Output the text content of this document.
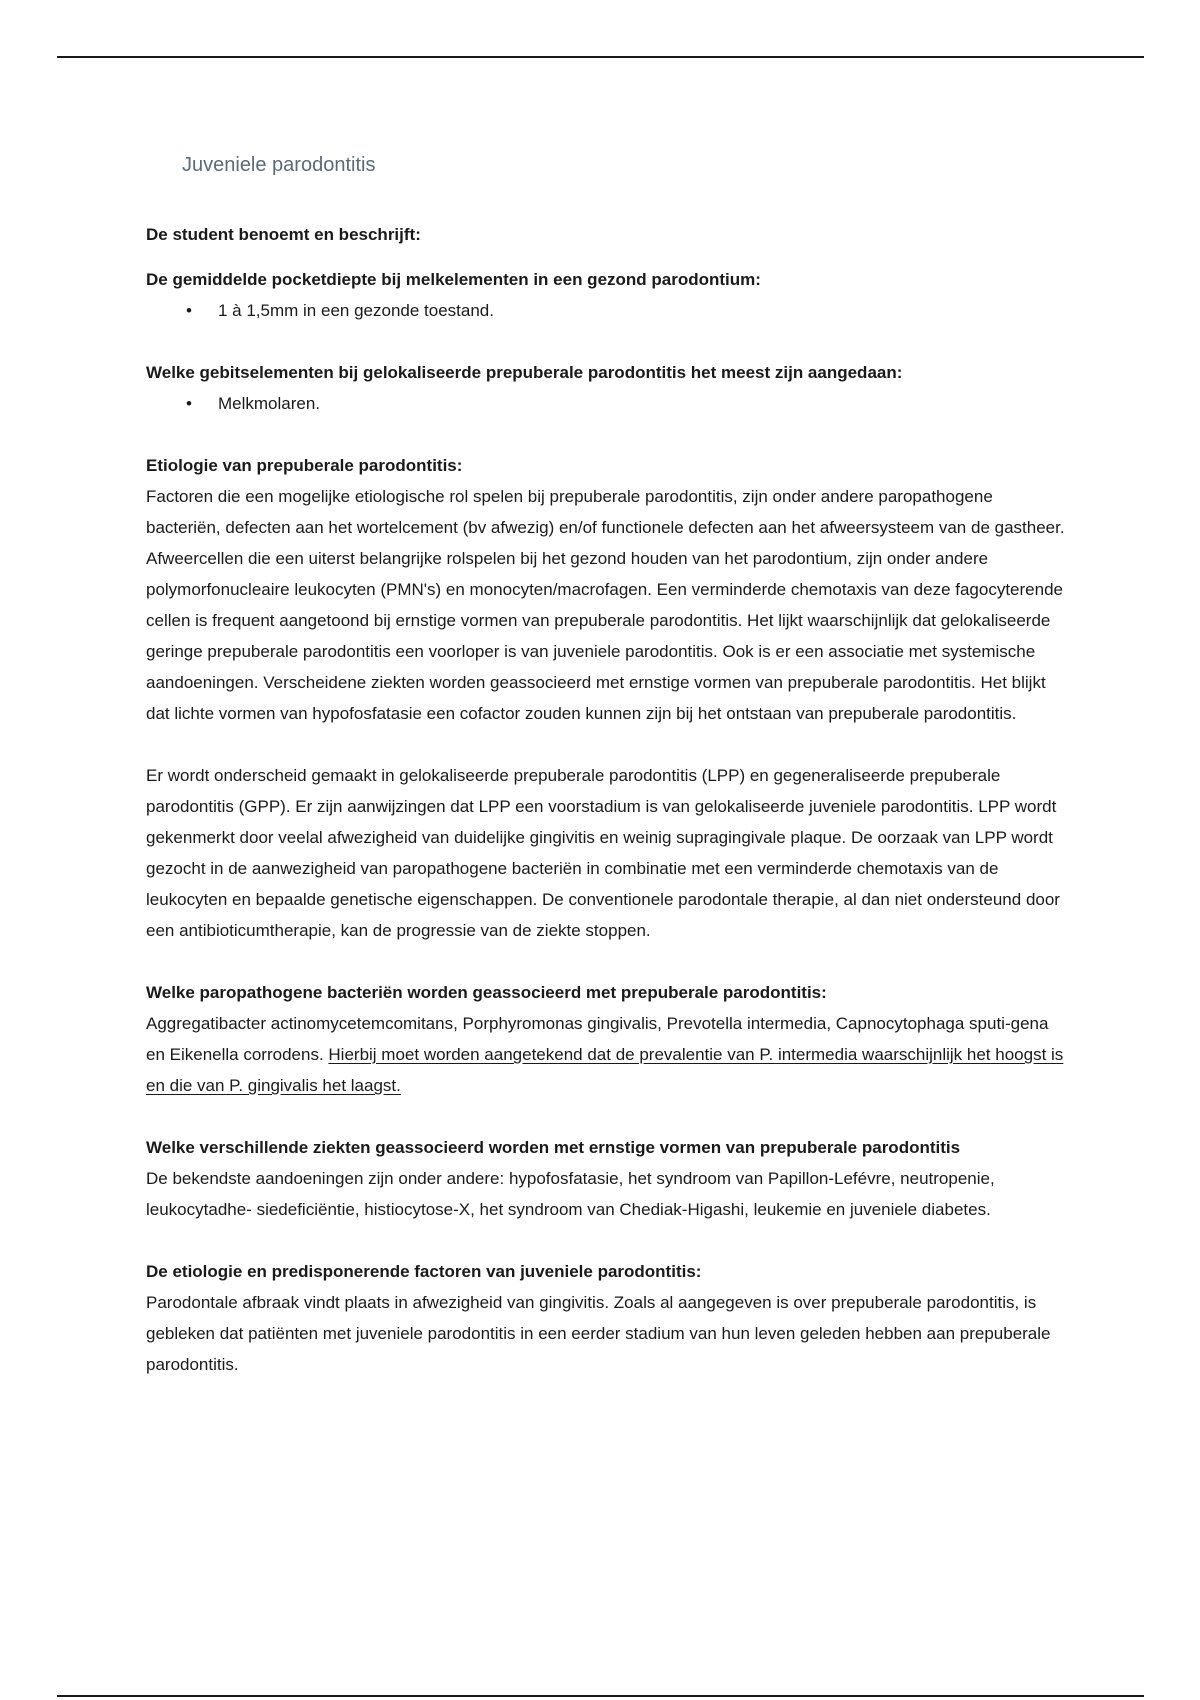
Juveniele parodontitis

De student benoemt en beschrijft:

De gemiddelde pocketdiepte bij melkelementen in een gezond parodontium:

• 1 à 1,5mm in een gezonde toestand.

Welke gebitselementen bij gelokaliseerde prepuberale parodontitis het meest zijn aangedaan:

• Melkmolaren.

Etiologie van prepuberale parodontitis:

Factoren die een mogelijke etiologische rol spelen bij prepuberale parodontitis, zijn onder andere paropathogene bacteriën, defecten aan het wortelcement (bv afwezig) en/of functionele defecten aan het afweersysteem van de gastheer. Afweercellen die een uiterst belangrijke rolspelen bij het gezond houden van het parodontium, zijn onder andere polymorfonucleaire leukocyten (PMN's) en monocyten/macrofagen. Een verminderde chemotaxis van deze fagocyterende cellen is frequent aangetoond bij ernstige vormen van prepuberale parodontitis. Het lijkt waarschijnlijk dat gelokaliseerde geringe prepuberale parodontitis een voorloper is van juveniele parodontitis. Ook is er een associatie met systemische aandoeningen. Verscheidene ziekten worden geassocieerd met ernstige vormen van prepuberale parodontitis. Het blijkt dat lichte vormen van hypofosfatasie een cofactor zouden kunnen zijn bij het ontstaan van prepuberale parodontitis.

Er wordt onderscheid gemaakt in gelokaliseerde prepuberale parodontitis (LPP) en gegeneraliseerde prepuberale parodontitis (GPP). Er zijn aanwijzingen dat LPP een voorstadium is van gelokaliseerde juveniele parodontitis. LPP wordt gekenmerkt door veelal afwezigheid van duidelijke gingivitis en weinig supragingivale plaque. De oorzaak van LPP wordt gezocht in de aanwezigheid van paropathogene bacteriën in combinatie met een verminderde chemotaxis van de leukocyten en bepaalde genetische eigenschappen. De conventionele parodontale therapie, al dan niet ondersteund door een antibioticumtherapie, kan de progressie van de ziekte stoppen.

Welke paropathogene bacteriën worden geassocieerd met prepuberale parodontitis:

Aggregatibacter actinomycetemcomitans, Porphyromonas gingivalis, Prevotella intermedia, Capnocytophaga sputi-gena en Eikenella corrodens. Hierbij moet worden aangetekend dat de prevalentie van P. intermedia waarschijnlijk het hoogst is en die van P. gingivalis het laagst.

Welke verschillende ziekten geassocieerd worden met ernstige vormen van prepuberale parodontitis

De bekendste aandoeningen zijn onder andere: hypofosfatasie, het syndroom van Papillon-Lefévre, neutropenie, leukocytadhe- siedeficiëntie, histiocytose-X, het syndroom van Chediak-Higashi, leukemie en juveniele diabetes.

De etiologie en predisponerende factoren van juveniele parodontitis:

Parodontale afbraak vindt plaats in afwezigheid van gingivitis. Zoals al aangegeven is over prepuberale parodontitis, is gebleken dat patiënten met juveniele parodontitis in een eerder stadium van hun leven geleden hebben aan prepuberale parodontitis.
